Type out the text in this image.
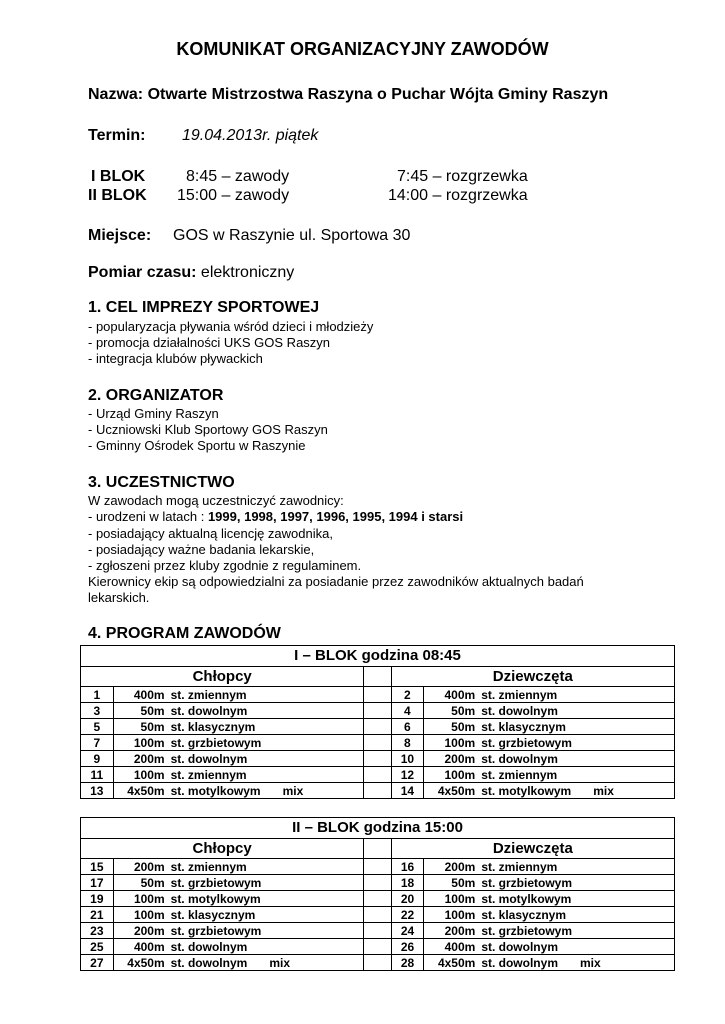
KOMUNIKAT ORGANIZACYJNY ZAWODÓW
Nazwa: Otwarte Mistrzostwa Raszyna o Puchar Wójta Gminy Raszyn
Termin: 19.04.2013r. piątek
I BLOK	8:45 – zawody	7:45 – rozgrzewka
II BLOK 15:00 – zawody	14:00 – rozgrzewka
Miejsce: GOS w Raszynie ul. Sportowa 30
Pomiar czasu: elektroniczny
1. CEL IMPREZY SPORTOWEJ
- popularyzacja pływania wśród dzieci i młodzieży
- promocja działalności UKS GOS Raszyn
- integracja klubów pływackich
2. ORGANIZATOR
- Urząd Gminy Raszyn
- Uczniowski Klub Sportowy GOS Raszyn
- Gminny Ośrodek Sportu w Raszynie
3. UCZESTNICTWO
W zawodach mogą uczestniczyć zawodnicy:
- urodzeni w latach : 1999, 1998, 1997, 1996, 1995, 1994 i starsi
- posiadający aktualną licencję zawodnika,
- posiadający ważne badania lekarskie,
- zgłoszeni przez kluby zgodnie z regulaminem.
Kierownicy ekip są odpowiedzialni za posiadanie przez zawodników aktualnych badań
lekarskich.
4. PROGRAM ZAWODÓW
I – BLOK godzina 08:45				
Chłopcy			Dziewczęta	
1	400m st. zmiennym		2	400m st. zmiennym
3	50m st. dowolnym		4	50m st. dowolnym
5	50m st. klasycznym		6	50m st. klasycznym
7	100m st. grzbietowym		8	100m st. grzbietowym
9	200m st. dowolnym		10	200m st. dowolnym
11	100m st. zmiennym		12	100m st. zmiennym
13	4x50m st. motylkowym mix		14	4x50m st. motylkowym mix
II – BLOK godzina 15:00				
Chłopcy			Dziewczęta	
15	200m st. zmiennym		16	200m st. zmiennym
17	50m st. grzbietowym		18	50m st. grzbietowym
19	100m st. motylkowym		20	100m st. motylkowym
21	100m st. klasycznym		22	100m st. klasycznym
23	200m st. grzbietowym		24	200m st. grzbietowym
25	400m st. dowolnym		26	400m st. dowolnym
27	4x50m st. dowolnym mix		28	4x50m st. dowolnym mix
